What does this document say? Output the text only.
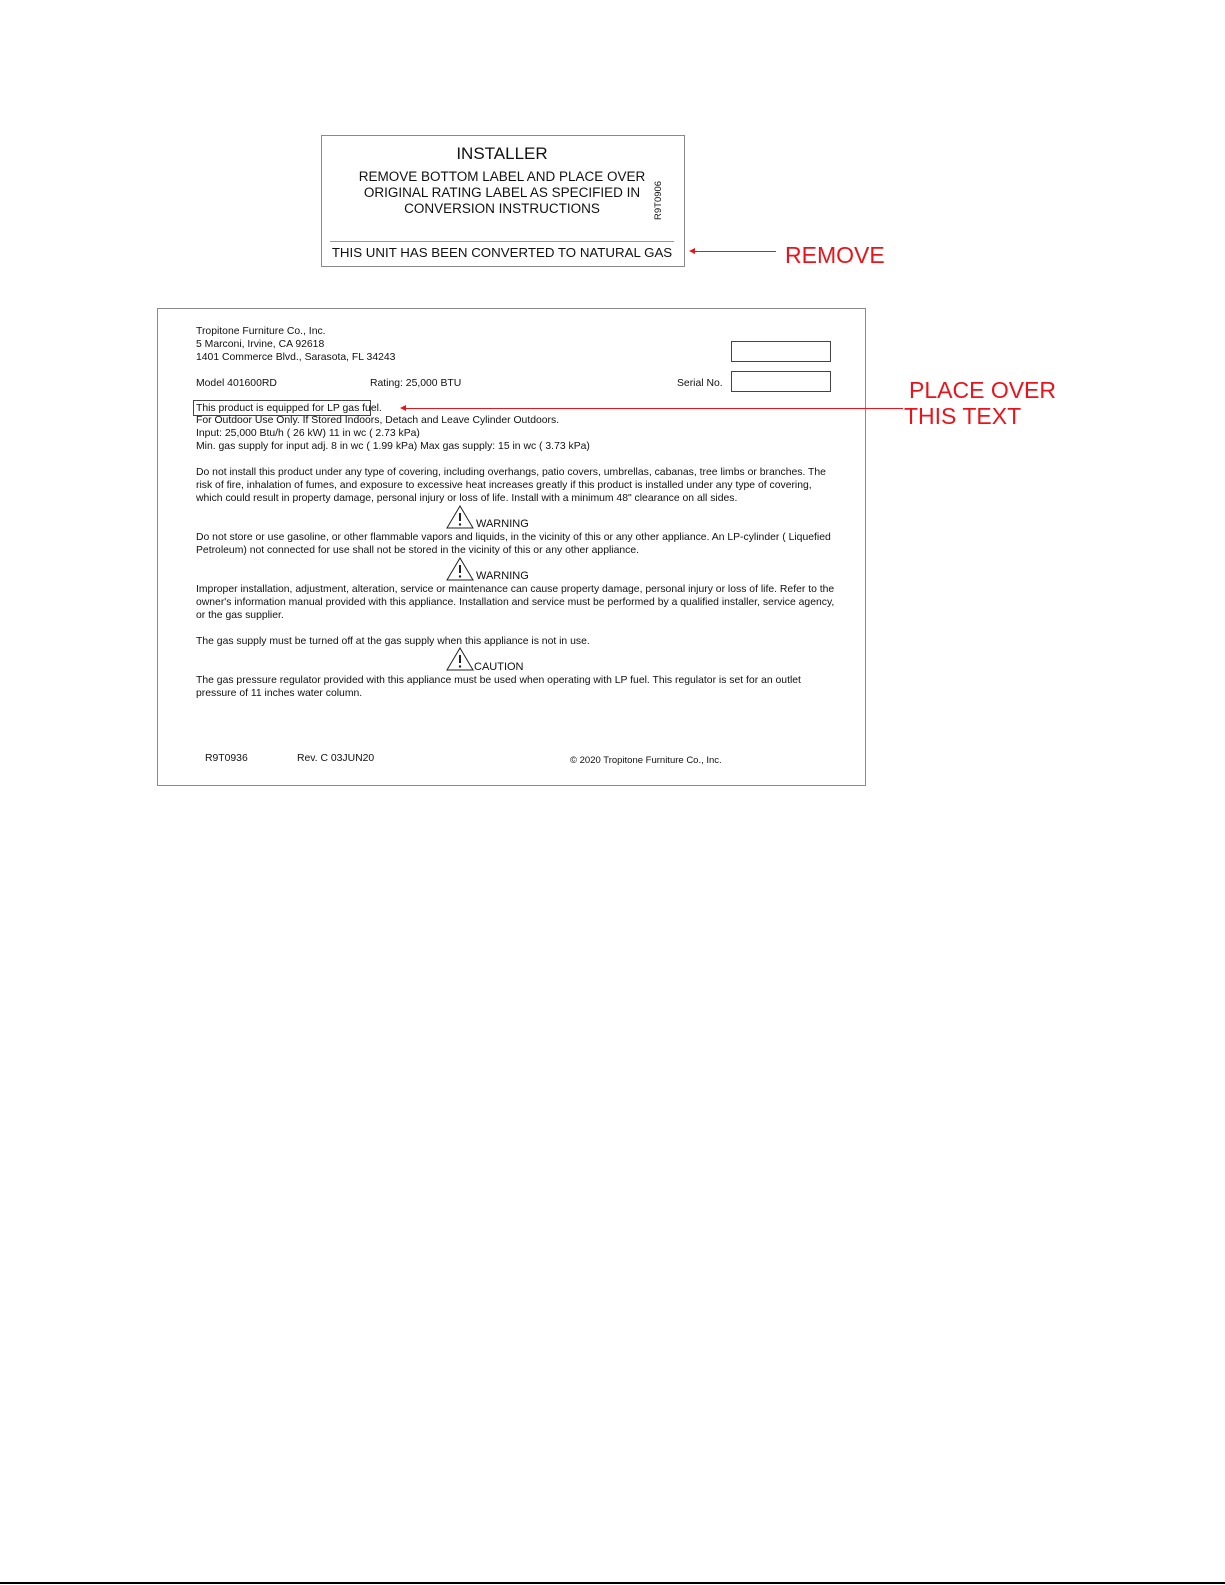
INSTALLER
REMOVE BOTTOM LABEL AND PLACE OVER ORIGINAL RATING LABEL AS SPECIFIED IN CONVERSION INSTRUCTIONS	R9T0906
THIS UNIT HAS BEEN CONVERTED TO NATURAL GAS	REMOVE
Tropitone Furniture Co., Inc.
5 Marconi, Irvine, CA 92618
1401 Commerce Blvd., Sarasota, FL 34243
Model 401600RD	Rating: 25,000 BTU	Serial No.
This product is equipped for LP gas fuel.
For Outdoor Use Only. If Stored Indoors, Detach and Leave Cylinder Outdoors.
Input: 25,000 Btu/h ( 26 kW) 11 in wc ( 2.73 kPa)
Min. gas supply for input adj. 8 in wc ( 1.99 kPa) Max gas supply: 15 in wc ( 3.73 kPa)
Do not install this product under any type of covering, including overhangs, patio covers, umbrellas, cabanas, tree limbs or branches. The risk of fire, inhalation of fumes, and exposure to excessive heat increases greatly if this product is installed under any type of covering, which could result in property damage, personal injury or loss of life. Install with a minimum 48" clearance on all sides.
WARNING
Do not store or use gasoline, or other flammable vapors and liquids, in the vicinity of this or any other appliance. An LP-cylinder ( Liquefied Petroleum) not connected for use shall not be stored in the vicinity of this or any other appliance.
WARNING
Improper installation, adjustment, alteration, service or maintenance can cause property damage, personal injury or loss of life. Refer to the owner's information manual provided with this appliance. Installation and service must be performed by a qualified installer, service agency, or the gas supplier.
The gas supply must be turned off at the gas supply when this appliance is not in use.
CAUTION
The gas pressure regulator provided with this appliance must be used when operating with LP fuel. This regulator is set for an outlet pressure of 11 inches water column.
R9T0936	Rev. C 03JUN20	© 2020 Tropitone Furniture Co., Inc.
PLACE OVER
THIS TEXT
